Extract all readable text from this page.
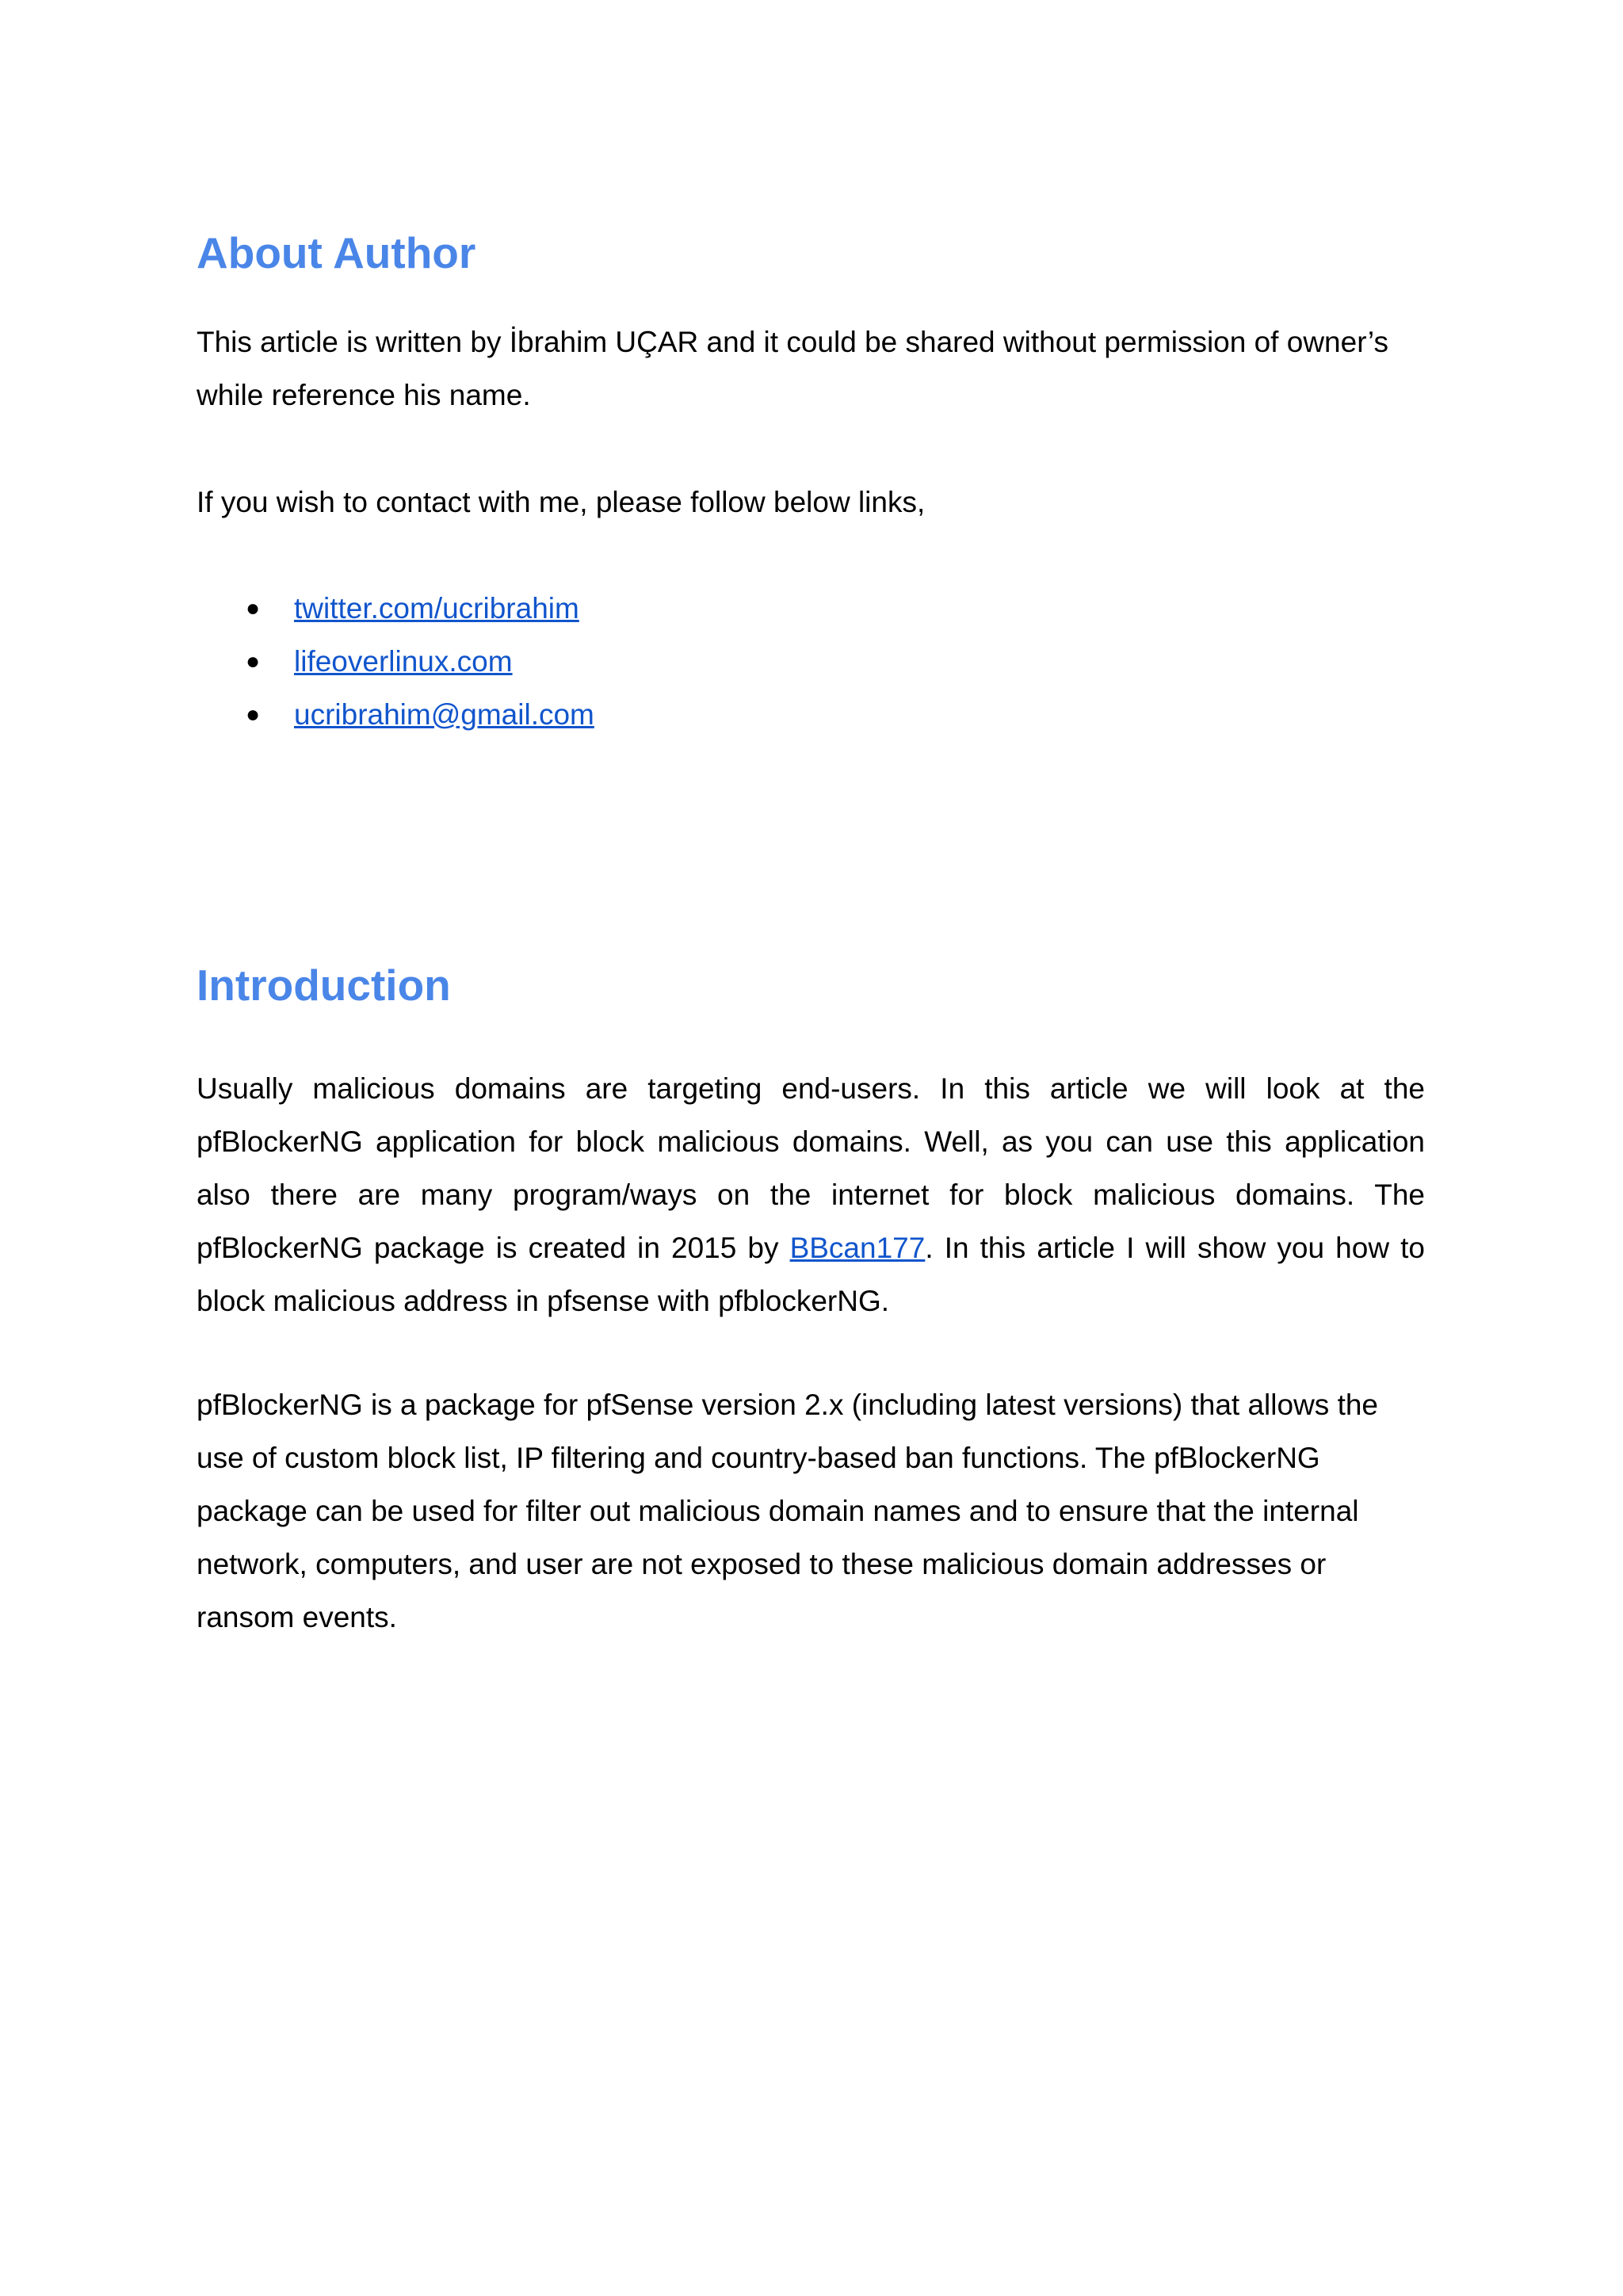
About Author

This article is written by İbrahim UÇAR and it could be shared without permission of owner’s while reference his name.

If you wish to contact with me, please follow below links,

● twitter.com/ucribrahim
● lifeoverlinux.com
● ucribrahim@gmail.com
Introduction

Usually malicious domains are targeting end-users. In this article we will look at the
pfBlockerNG application for block malicious domains. Well, as you can use this application
also there are many program/ways on the internet for block malicious domains. The
pfBlockerNG package is created in 2015 by BBcan177. In this article I will show you how to
block malicious address in pfsense with pfblockerNG.

pfBlockerNG is a package for pfSense version 2.x (including latest versions) that allows the use of custom block list, IP filtering and country-based ban functions. The pfBlockerNG package can be used for filter out malicious domain names and to ensure that the internal network, computers, and user are not exposed to these malicious domain addresses or ransom events.
